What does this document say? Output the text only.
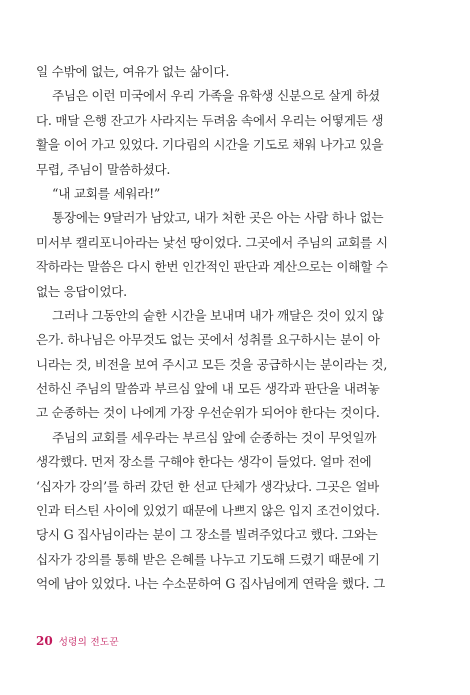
일 수밖에 없는, 여유가 없는 삶이다.
주님은 이런 미국에서 우리 가족을 유학생 신분으로 살게 하셨
다. 매달 은행 잔고가 사라지는 두려움 속에서 우리는 어떻게든 생
활을 이어 가고 있었다. 기다림의 시간을 기도로 채워 나가고 있을
무렵, 주님이 말씀하셨다.
“내 교회를 세워라!”
통장에는 9달러가 남았고, 내가 처한 곳은 아는 사람 하나 없는
미서부 캘리포니아라는 낯선 땅이었다. 그곳에서 주님의 교회를 시
작하라는 말씀은 다시 한번 인간적인 판단과 계산으로는 이해할 수
없는 응답이었다.
그러나 그동안의 숱한 시간을 보내며 내가 깨달은 것이 있지 않
은가. 하나님은 아무것도 없는 곳에서 성취를 요구하시는 분이 아
니라는 것, 비전을 보여 주시고 모든 것을 공급하시는 분이라는 것,
선하신 주님의 말씀과 부르심 앞에 내 모든 생각과 판단을 내려놓
고 순종하는 것이 나에게 가장 우선순위가 되어야 한다는 것이다.
주님의 교회를 세우라는 부르심 앞에 순종하는 것이 무엇일까
생각했다. 먼저 장소를 구해야 한다는 생각이 들었다. 얼마 전에
‘십자가 강의’를 하러 갔던 한 선교 단체가 생각났다. 그곳은 얼바
인과 터스틴 사이에 있었기 때문에 나쁘지 않은 입지 조건이었다.
당시 G 집사님이라는 분이 그 장소를 빌려주었다고 했다. 그와는
십자가 강의를 통해 받은 은혜를 나누고 기도해 드렸기 때문에 기
억에 남아 있었다. 나는 수소문하여 G 집사님에게 연락을 했다. 그
20 성령의 전도꾼
